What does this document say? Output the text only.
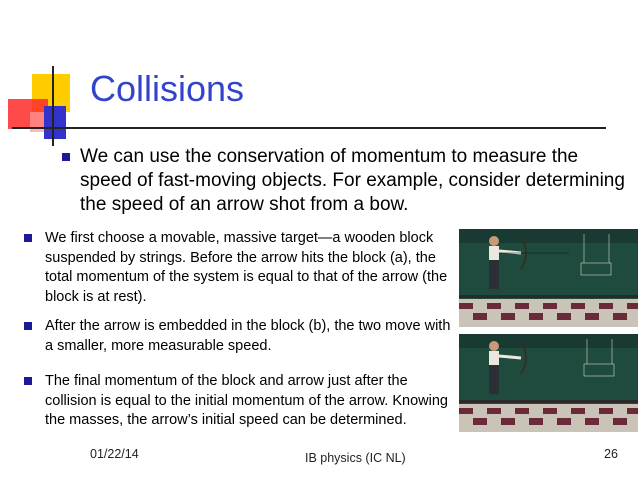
Collisions

We can use the conservation of momentum to measure the speed of fast-moving objects. For example, consider determining the speed of an arrow shot from a bow.

We first choose a movable, massive target—a wooden block suspended by strings. Before the arrow hits the block (a), the total momentum of the system is equal to that of the arrow (the block is at rest).

After the arrow is embedded in the block (b), the two move with a smaller, more measurable speed.

The final momentum of the block and arrow just after the collision is equal to the initial momentum of the arrow. Knowing the masses, the arrow’s initial speed can be determined.

01/22/14	IB physics (IC NL)	26
